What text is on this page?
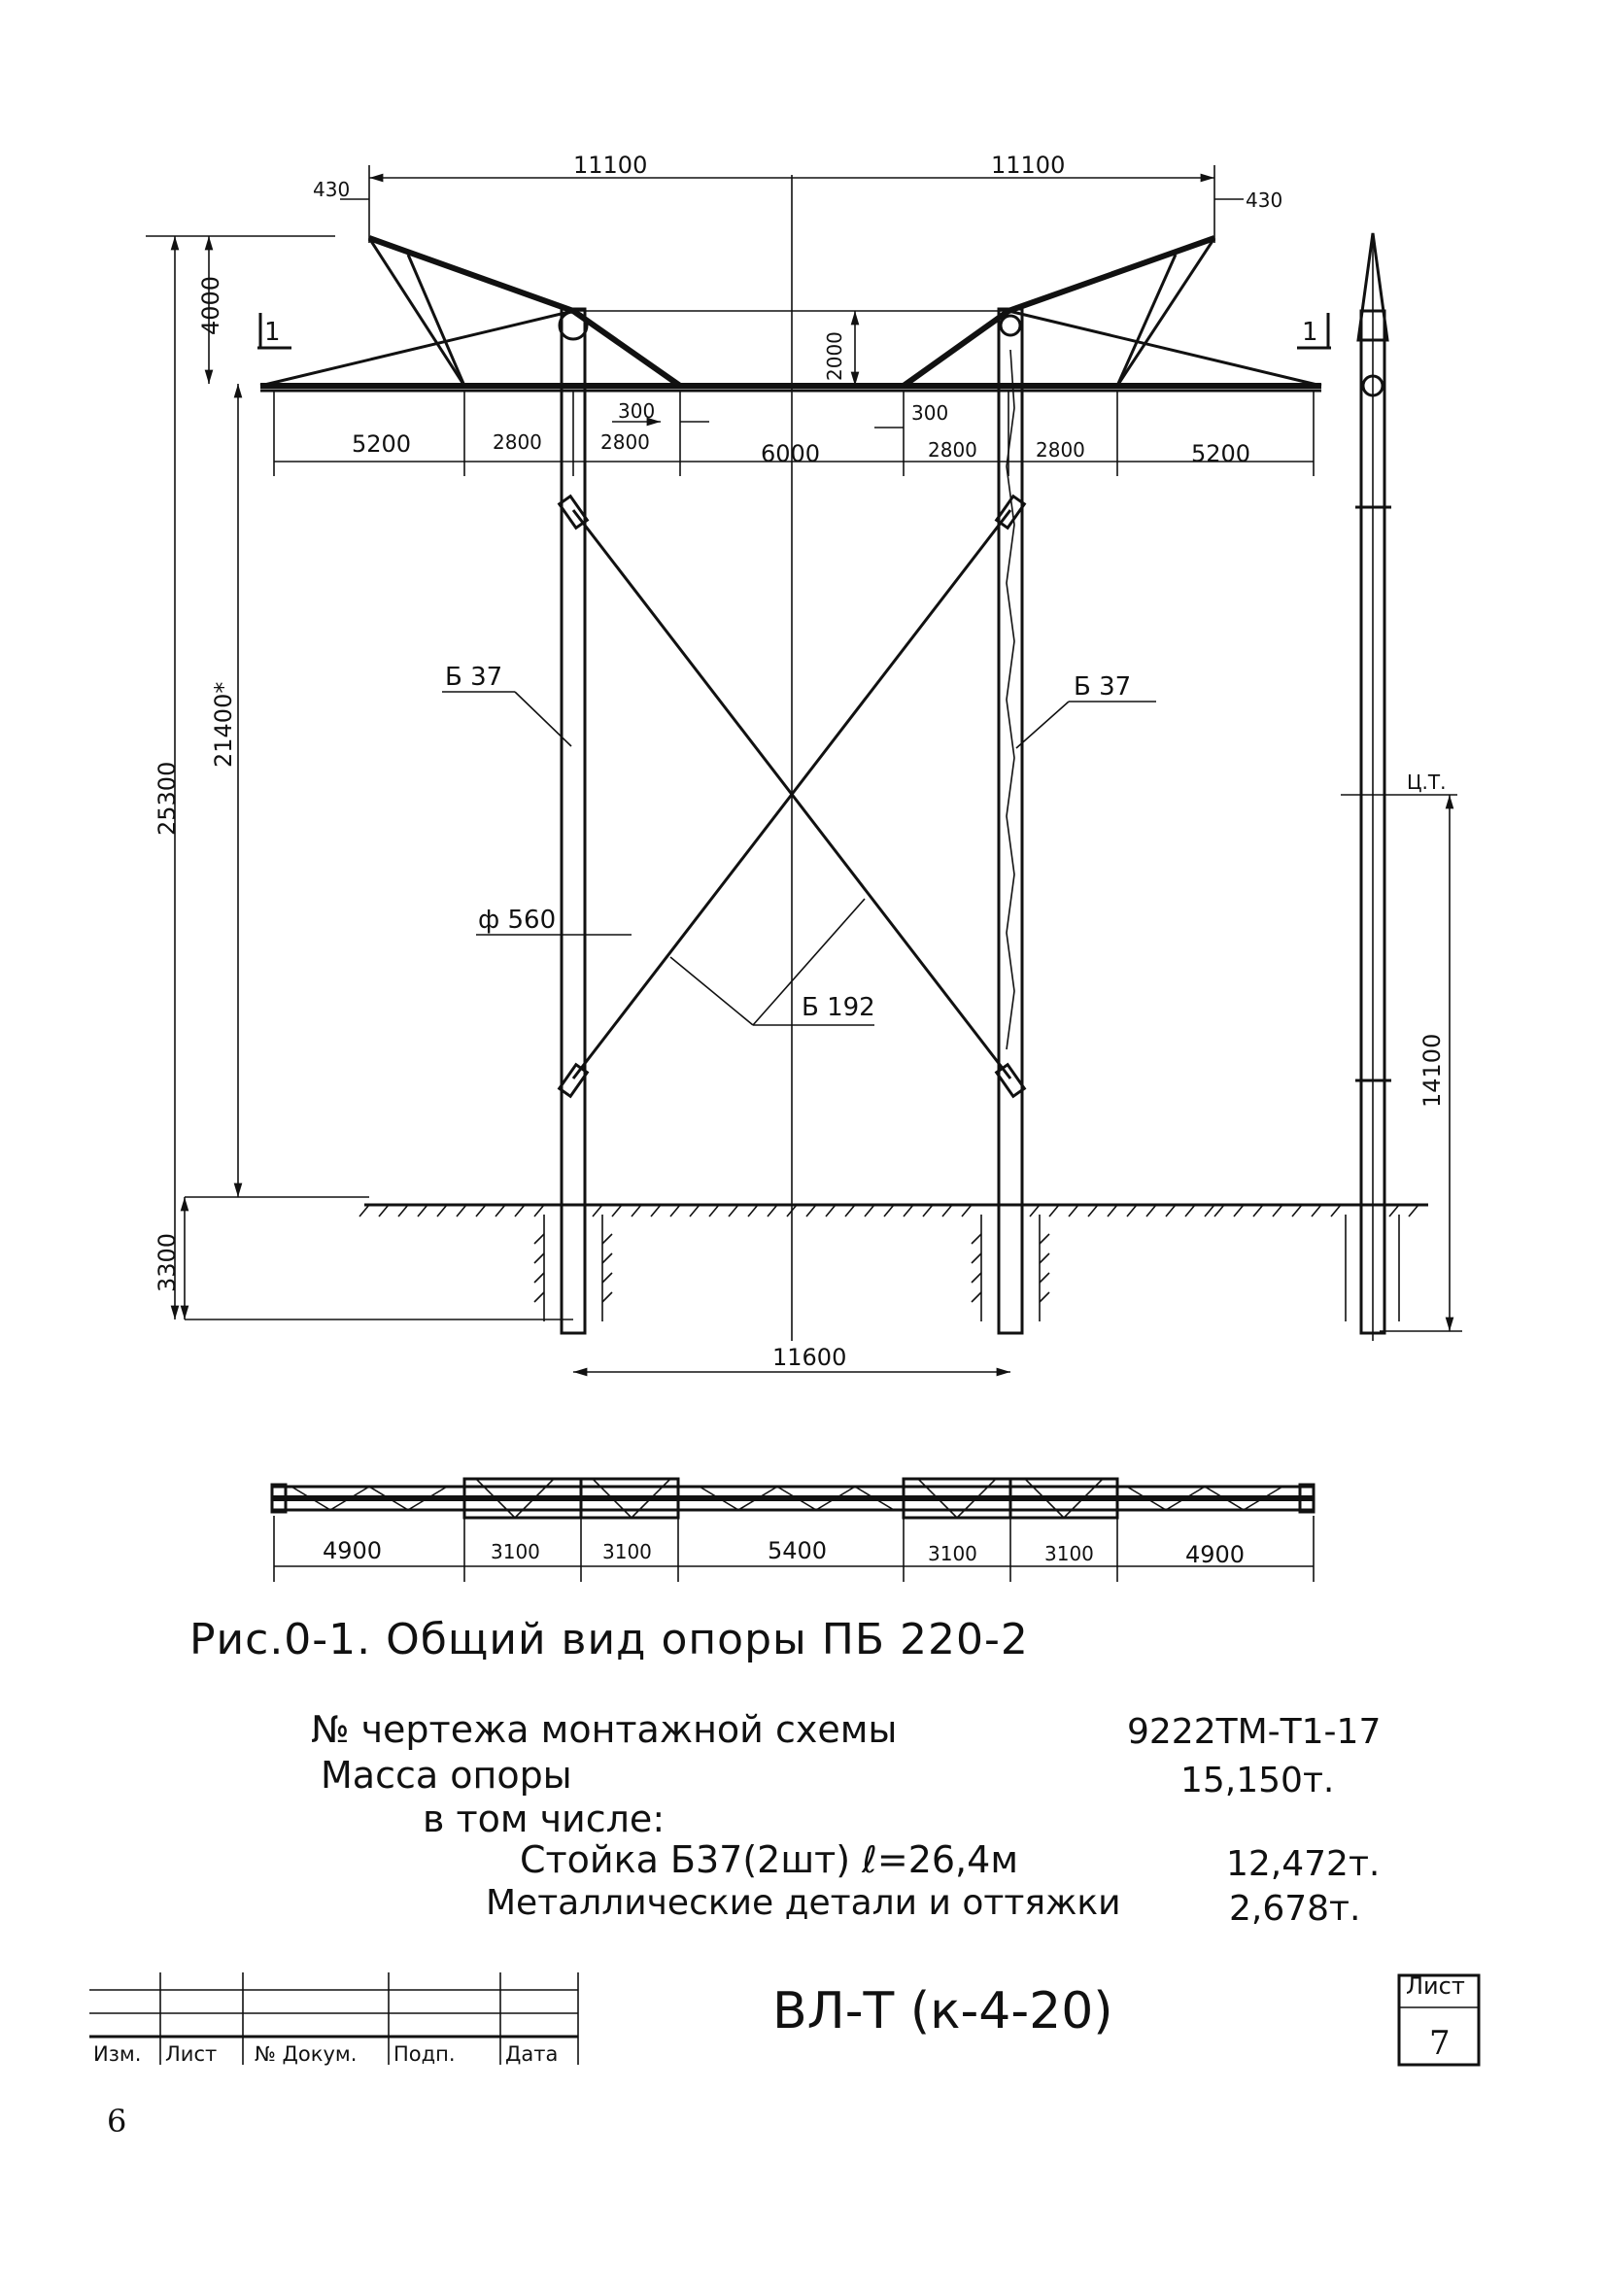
11100	11100
430	430
4000
25300
21400*
3300
1	1
2000
300	300
5200	2800	2800	6000	2800	2800	5200
Б 37	Б 37
ф 560
Б 192
11600
Ц.Т.
14100
4900	3100	3100	5400	3100	3100	4900
Рис.0-1. Общий вид опоры ПБ 220-2
№ чертежа монтажной схемы	9222ТМ-Т1-17
Масса опоры	15,150т.
в том числе:
Стойка Б37(2шт) ℓ=26,4м	12,472т.
Металлические детали и оттяжки	2,678т.
Изм. Лист № Докум. Подп. Дата
ВЛ-Т (к-4-20)	Лист
7
6
